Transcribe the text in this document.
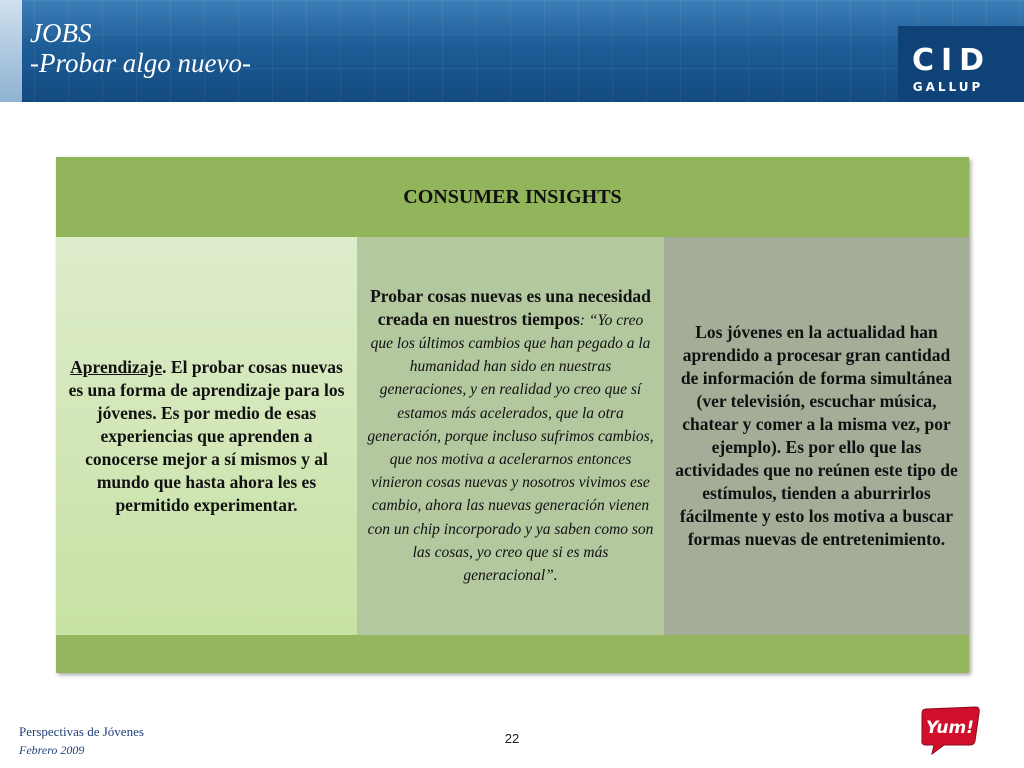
JOBS
-Probar algo nuevo-	CID
GALLUP
CONSUMER INSIGHTS

Aprendizaje. El probar cosas nuevas es una forma de aprendizaje para los jóvenes. Es por medio de esas experiencias que aprenden a conocerse mejor a sí mismos y al mundo que hasta ahora les es permitido experimentar.

Probar cosas nuevas es una necesidad creada en nuestros tiempos: “Yo creo que los últimos cambios que han pegado a la humanidad han sido en nuestras generaciones, y en realidad yo creo que sí estamos más acelerados, que la otra generación, porque incluso sufrimos cambios, que nos motiva a acelerarnos entonces vinieron cosas nuevas y nosotros vivimos ese cambio, ahora las nuevas generación vienen con un chip incorporado y ya saben como son las cosas, yo creo que si es más generacional”.

Los jóvenes en la actualidad han aprendido a procesar gran cantidad de información de forma simultánea (ver televisión, escuchar música, chatear y comer a la misma vez, por ejemplo). Es por ello que las actividades que no reúnen este tipo de estímulos, tienden a aburrirlos fácilmente y esto los motiva a buscar formas nuevas de entretenimiento.

Perspectivas de Jóvenes
Febrero 2009
22
Yum!
